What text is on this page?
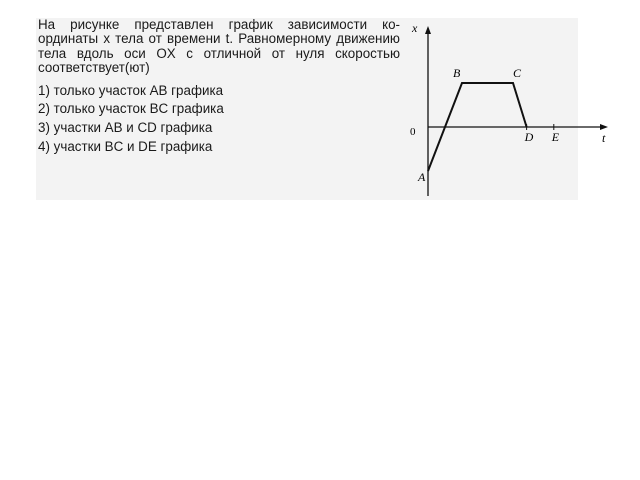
На рисунке представлен график зависимости ко- ординаты x тела от времени t. Равномерному движению тела вдоль оси OX с отличной от нуля скоростью соответствует(ют)

1) только участок AB графика
2) только участок BC графика
3) участки AB и CD графика
4) участки BC и DE графика
x
t
0
A
B	C
D E
